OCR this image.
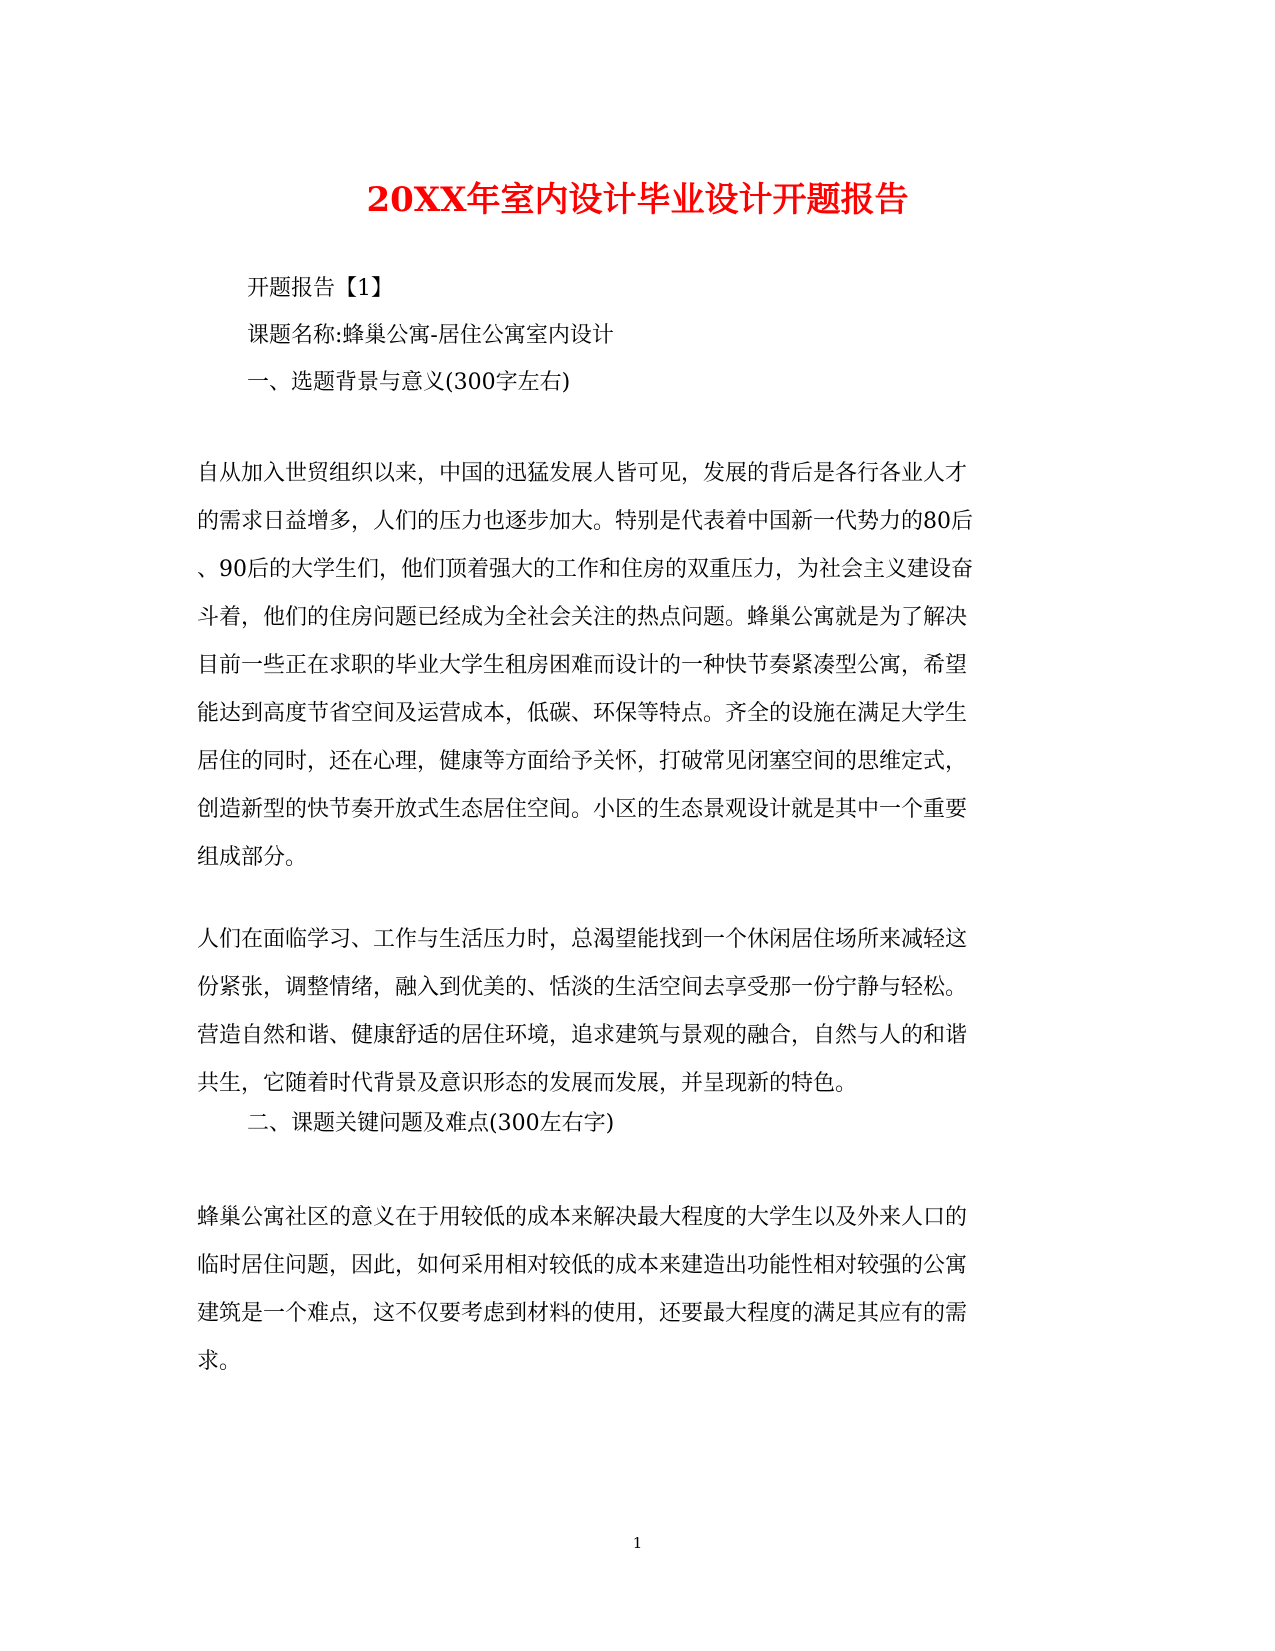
20XX年室内设计毕业设计开题报告

开题报告【1】

课题名称:蜂巢公寓-居住公寓室内设计

一、选题背景与意义(300字左右)

自从加入世贸组织以来，中国的迅猛发展人皆可见，发展的背后是各行各业人才
的需求日益增多，人们的压力也逐步加大。特别是代表着中国新一代势力的80后
、90后的大学生们，他们顶着强大的工作和住房的双重压力，为社会主义建设奋
斗着，他们的住房问题已经成为全社会关注的热点问题。蜂巢公寓就是为了解决
目前一些正在求职的毕业大学生租房困难而设计的一种快节奏紧凑型公寓，希望
能达到高度节省空间及运营成本，低碳、环保等特点。齐全的设施在满足大学生
居住的同时，还在心理，健康等方面给予关怀，打破常见闭塞空间的思维定式，
创造新型的快节奏开放式生态居住空间。小区的生态景观设计就是其中一个重要
组成部分。
人们在面临学习、工作与生活压力时，总渴望能找到一个休闲居住场所来减轻这
份紧张，调整情绪，融入到优美的、恬淡的生活空间去享受那一份宁静与轻松。
营造自然和谐、健康舒适的居住环境，追求建筑与景观的融合，自然与人的和谐
共生，它随着时代背景及意识形态的发展而发展，并呈现新的特色。

二、课题关键问题及难点(300左右字)

蜂巢公寓社区的意义在于用较低的成本来解决最大程度的大学生以及外来人口的
临时居住问题，因此，如何采用相对较低的成本来建造出功能性相对较强的公寓
建筑是一个难点，这不仅要考虑到材料的使用，还要最大程度的满足其应有的需
求。
1
